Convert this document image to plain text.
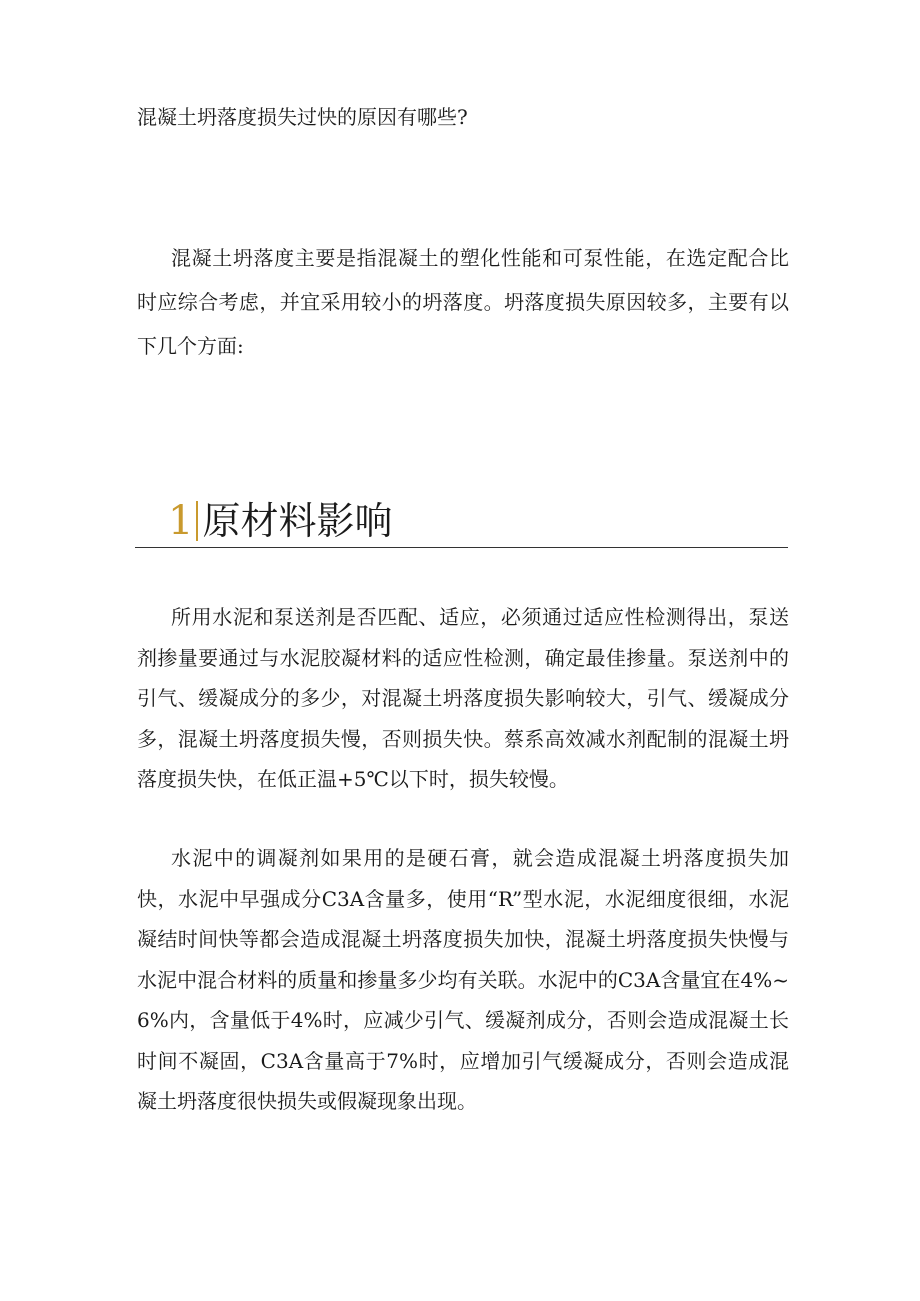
混凝土坍落度损失过快的原因有哪些?

混凝土坍落度主要是指混凝土的塑化性能和可泵性能，在选定配合比时应综合考虑，并宜采用较小的坍落度。坍落度损失原因较多，主要有以下几个方面:

1 原材料影响

所用水泥和泵送剂是否匹配、适应，必须通过适应性检测得出，泵送剂掺量要通过与水泥胶凝材料的适应性检测，确定最佳掺量。泵送剂中的引气、缓凝成分的多少，对混凝土坍落度损失影响较大，引气、缓凝成分多，混凝土坍落度损失慢，否则损失快。蔡系高效减水剂配制的混凝土坍落度损失快，在低正温+5℃以下时，损失较慢。

水泥中的调凝剂如果用的是硬石膏，就会造成混凝土坍落度损失加快，水泥中早强成分C3A含量多，使用“R”型水泥，水泥细度很细，水泥凝结时间快等都会造成混凝土坍落度损失加快，混凝土坍落度损失快慢与水泥中混合材料的质量和掺量多少均有关联。水泥中的C3A含量宜在4%~6%内，含量低于4%时，应减少引气、缓凝剂成分，否则会造成混凝土长时间不凝固，C3A含量高于7%时，应增加引气缓凝成分，否则会造成混凝土坍落度很快损失或假凝现象出现。
